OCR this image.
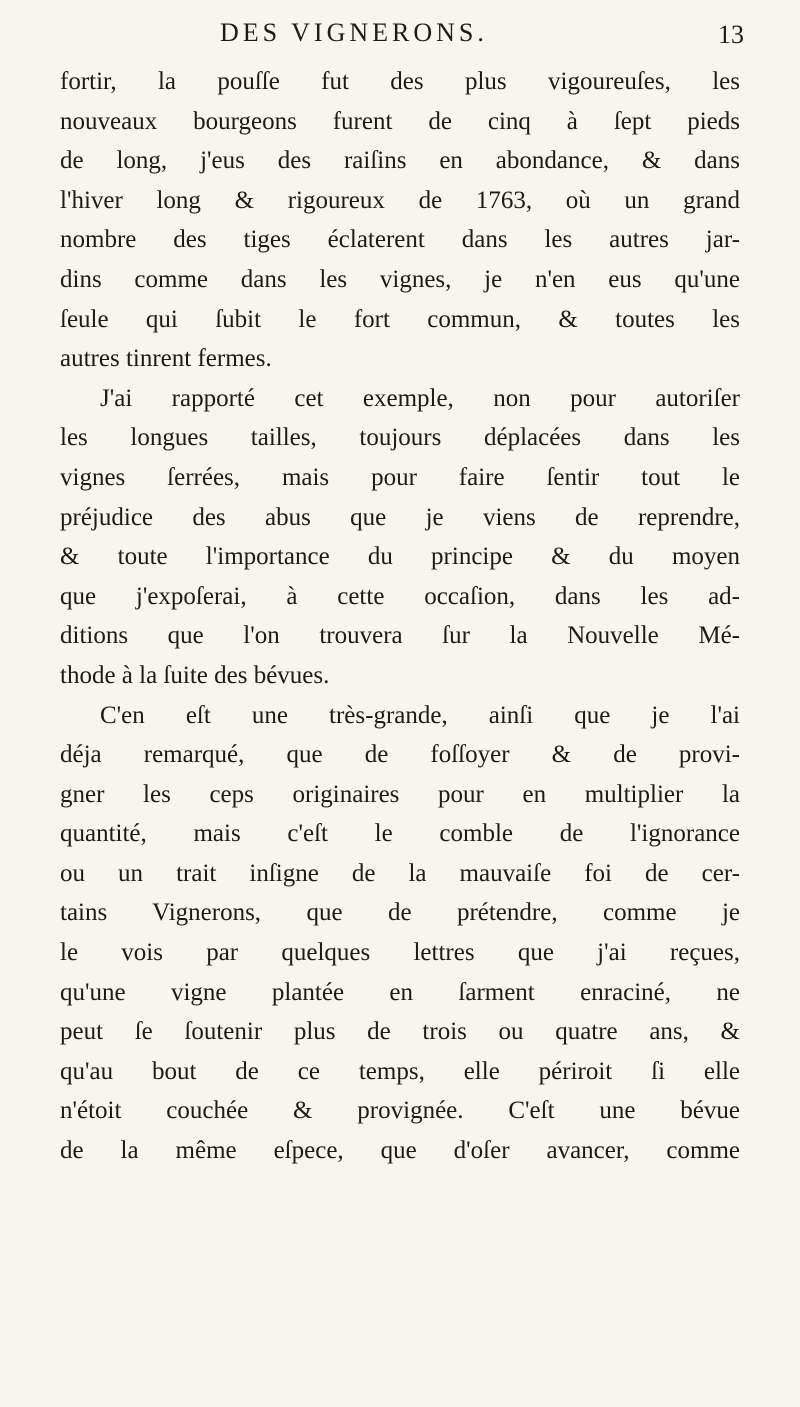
DES VIGNERONS.	13
fortir, la pouſſe fut des plus vigoureuſes, les
nouveaux bourgeons furent de cinq à ſept pieds
de long, j'eus des raiſins en abondance, & dans
l'hiver long & rigoureux de 1763, où un grand
nombre des tiges éclaterent dans les autres jar-
dins comme dans les vignes, je n'en eus qu'une
ſeule qui ſubit le fort commun, & toutes les
autres tinrent fermes.
J'ai rapporté cet exemple, non pour autoriſer
les longues tailles, toujours déplacées dans les
vignes ſerrées, mais pour faire ſentir tout le
préjudice des abus que je viens de reprendre,
& toute l'importance du principe & du moyen
que j'expoſerai, à cette occaſion, dans les ad-
ditions que l'on trouvera ſur la Nouvelle Mé-
thode à la ſuite des bévues.
C'en eſt une très-grande, ainſi que je l'ai
déja remarqué, que de foſſoyer & de provi-
gner les ceps originaires pour en multiplier la
quantité, mais c'eſt le comble de l'ignorance
ou un trait inſigne de la mauvaiſe foi de cer-
tains Vignerons, que de prétendre, comme je
le vois par quelques lettres que j'ai reçues,
qu'une vigne plantée en ſarment enraciné, ne
peut ſe ſoutenir plus de trois ou quatre ans, &
qu'au bout de ce temps, elle périroit ſi elle
n'étoit couchée & provignée. C'eſt une bévue
de la même eſpece, que d'oſer avancer, comme
